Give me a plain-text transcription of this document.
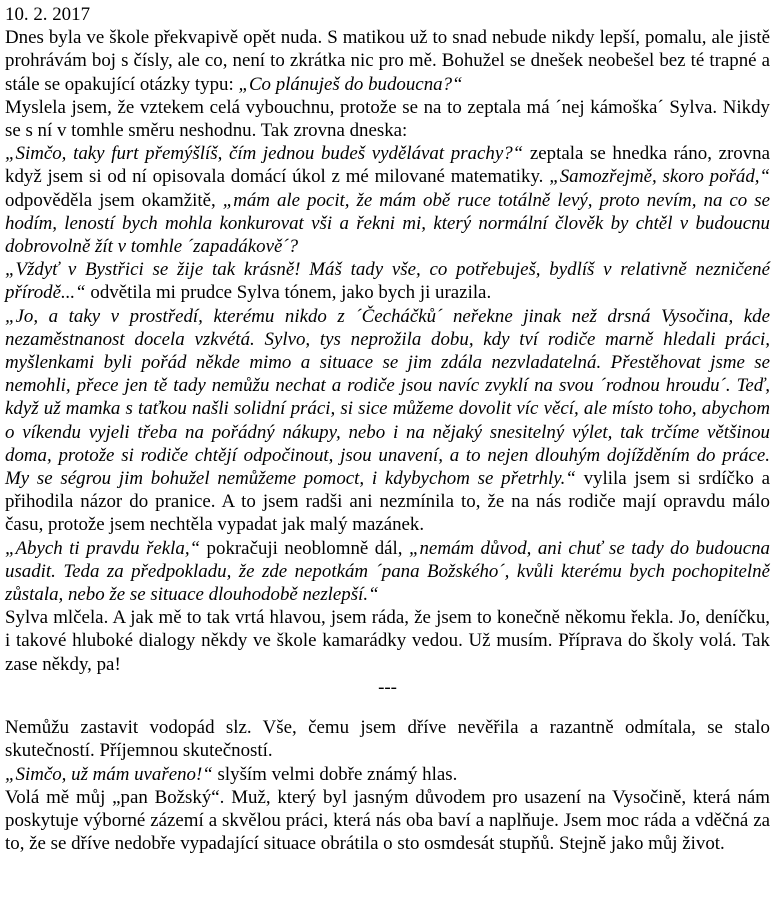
10. 2. 2017

Dnes byla ve škole překvapivě opět nuda. S matikou už to snad nebude nikdy lepší, pomalu, ale jistě prohrávám boj s čísly, ale co, není to zkrátka nic pro mě. Bohužel se dnešek neobešel bez té trapné a stále se opakující otázky typu: „Co plánuješ do budoucna?“

Myslela jsem, že vztekem celá vybouchnu, protože se na to zeptala má ´nej kámoška´ Sylva. Nikdy se s ní v tomhle směru neshodnu. Tak zrovna dneska:

„Simčo, taky furt přemýšlíš, čím jednou budeš vydělávat prachy?“ zeptala se hnedka ráno, zrovna když jsem si od ní opisovala domácí úkol z mé milované matematiky. „Samozřejmě, skoro pořád,“ odpověděla jsem okamžitě, „mám ale pocit, že mám obě ruce totálně levý, proto nevím, na co se hodím, leností bych mohla konkurovat vši a řekni mi, který normální člověk by chtěl v budoucnu dobrovolně žít v tomhle ´zapadákově´?

„Vždyť v Bystřici se žije tak krásně! Máš tady vše, co potřebuješ, bydlíš v relativně nezničené přírodě...“ odvětila mi prudce Sylva tónem, jako bych ji urazila.

„Jo, a taky v prostředí, kterému nikdo z ´Čecháčků´ neřekne jinak než drsná Vysočina, kde nezaměstnanost docela vzkvétá. Sylvo, tys neprožila dobu, kdy tví rodiče marně hledali práci, myšlenkami byli pořád někde mimo a situace se jim zdála nezvladatelná. Přestěhovat jsme se nemohli, přece jen tě tady nemůžu nechat a rodiče jsou navíc zvyklí na svou ´rodnou hroudu´. Teď, když už mamka s taťkou našli solidní práci, si sice můžeme dovolit víc věcí, ale místo toho, abychom o víkendu vyjeli třeba na pořádný nákupy, nebo i na nějaký snesitelný výlet, tak trčíme většinou doma, protože si rodiče chtějí odpočinout, jsou unavení, a to nejen dlouhým dojížděním do práce. My se ségrou jim bohužel nemůžeme pomoct, i kdybychom se přetrhly.“ vylila jsem si srdíčko a přihodila názor do pranice. A to jsem radši ani nezmínila to, že na nás rodiče mají opravdu málo času, protože jsem nechtěla vypadat jak malý mazánek.

„Abych ti pravdu řekla,“ pokračuji neoblomně dál, „nemám důvod, ani chuť se tady do budoucna usadit. Teda za předpokladu, že zde nepotkám ´pana Božského´, kvůli kterému bych pochopitelně zůstala, nebo že se situace dlouhodobě nezlepší.“

Sylva mlčela. A jak mě to tak vrtá hlavou, jsem ráda, že jsem to konečně někomu řekla. Jo, deníčku, i takové hluboké dialogy někdy ve škole kamarádky vedou. Už musím. Příprava do školy volá. Tak zase někdy, pa!

---

Nemůžu zastavit vodopád slz. Vše, čemu jsem dříve nevěřila a razantně odmítala, se stalo skutečností. Příjemnou skutečností.

„Simčo, už mám uvařeno!“ slyším velmi dobře známý hlas.

Volá mě můj „pan Božský“. Muž, který byl jasným důvodem pro usazení na Vysočině, která nám poskytuje výborné zázemí a skvělou práci, která nás oba baví a naplňuje. Jsem moc ráda a vděčná za to, že se dříve nedobře vypadající situace obrátila o sto osmdesát stupňů. Stejně jako můj život.
